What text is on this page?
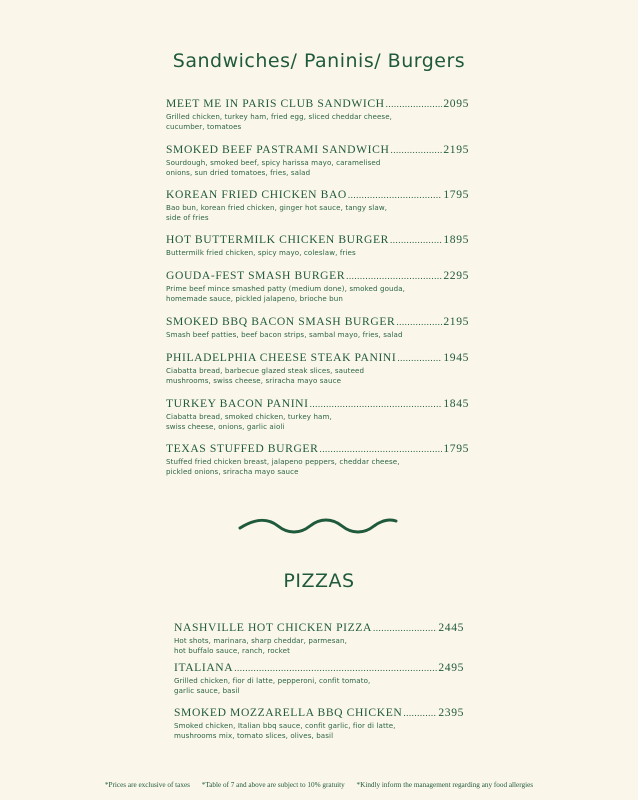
Sandwiches/ Paninis/ Burgers
MEET ME IN PARIS CLUB SANDWICH .....	2095
Grilled chicken, turkey ham, fried egg, sliced cheddar cheese,
cucumber, tomatoes
SMOKED BEEF PASTRAMI SANDWICH .....	2195
Sourdough, smoked beef, spicy harissa mayo, caramelised
onions, sun dried tomatoes, fries, salad
KOREAN FRIED CHICKEN BAO .....	1795
Bao bun, korean fried chicken, ginger hot sauce, tangy slaw,
side of fries
HOT BUTTERMILK CHICKEN BURGER .....	1895
Buttermilk fried chicken, spicy mayo, coleslaw, fries
GOUDA-FEST SMASH BURGER .....	2295
Prime beef mince smashed patty (medium done), smoked gouda,
homemade sauce, pickled jalapeno, brioche bun
SMOKED BBQ BACON SMASH BURGER .....	2195
Smash beef patties, beef bacon strips, sambal mayo, fries, salad
PHILADELPHIA CHEESE STEAK PANINI .....	1945
Ciabatta bread, barbecue glazed steak slices, sauteed
mushrooms, swiss cheese, sriracha mayo sauce
TURKEY BACON PANINI .....	1845
Ciabatta bread, smoked chicken, turkey ham,
swiss cheese, onions, garlic aioli
TEXAS STUFFED BURGER .....	1795
Stuffed fried chicken breast, jalapeno peppers, cheddar cheese,
pickled onions, sriracha mayo sauce
PIZZAS
NASHVILLE HOT CHICKEN PIZZA .....	2445
Hot shots, marinara, sharp cheddar, parmesan,
hot buffalo sauce, ranch, rocket
ITALIANA .....	2495
Grilled chicken, fior di latte, pepperoni, confit tomato,
garlic sauce, basil
SMOKED MOZZARELLA BBQ CHICKEN .....	2395
Smoked chicken, Italian bbq sauce, confit garlic, fior di latte,
mushrooms mix, tomato slices, olives, basil
*Prices are exclusive of taxes *Table of 7 and above are subject to 10% gratuity *Kindly inform the management regarding any food allergies
